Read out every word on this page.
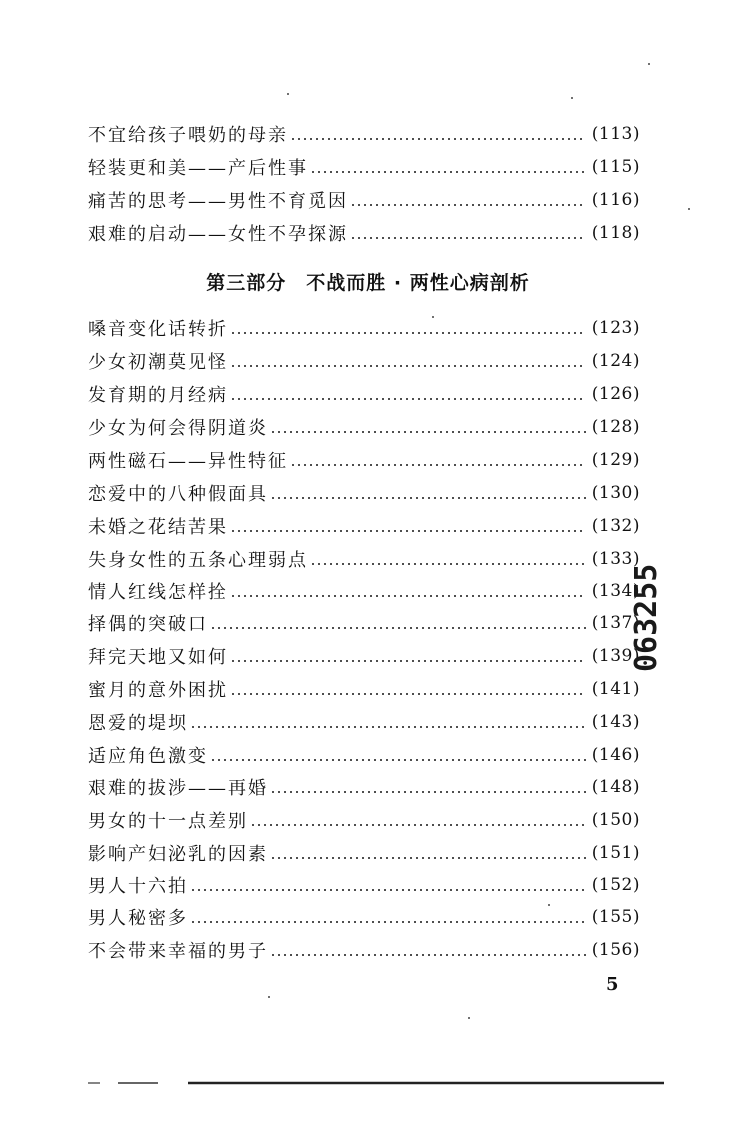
不宜给孩子喂奶的母亲	(113)
轻装更和美——产后性事	(115)
痛苦的思考——男性不育觅因	(116)
艰难的启动——女性不孕探源	(118)
第三部分　不战而胜 · 两性心病剖析
嗓音变化话转折	(123)
少女初潮莫见怪	(124)
发育期的月经病	(126)
少女为何会得阴道炎	(128)
两性磁石——异性特征	(129)
恋爱中的八种假面具	(130)
未婚之花结苦果	(132)
失身女性的五条心理弱点	(133)
情人红线怎样拴	(134)
择偶的突破口	(137)
拜完天地又如何	(139)
蜜月的意外困扰	(141)
恩爱的堤坝	(143)
适应角色激变	(146)
艰难的拔涉——再婚	(148)
男女的十一点差别	(150)
影响产妇泌乳的因素	(151)
男人十六拍	(152)
男人秘密多	(155)
不会带来幸福的男子	(156)
063255
5
